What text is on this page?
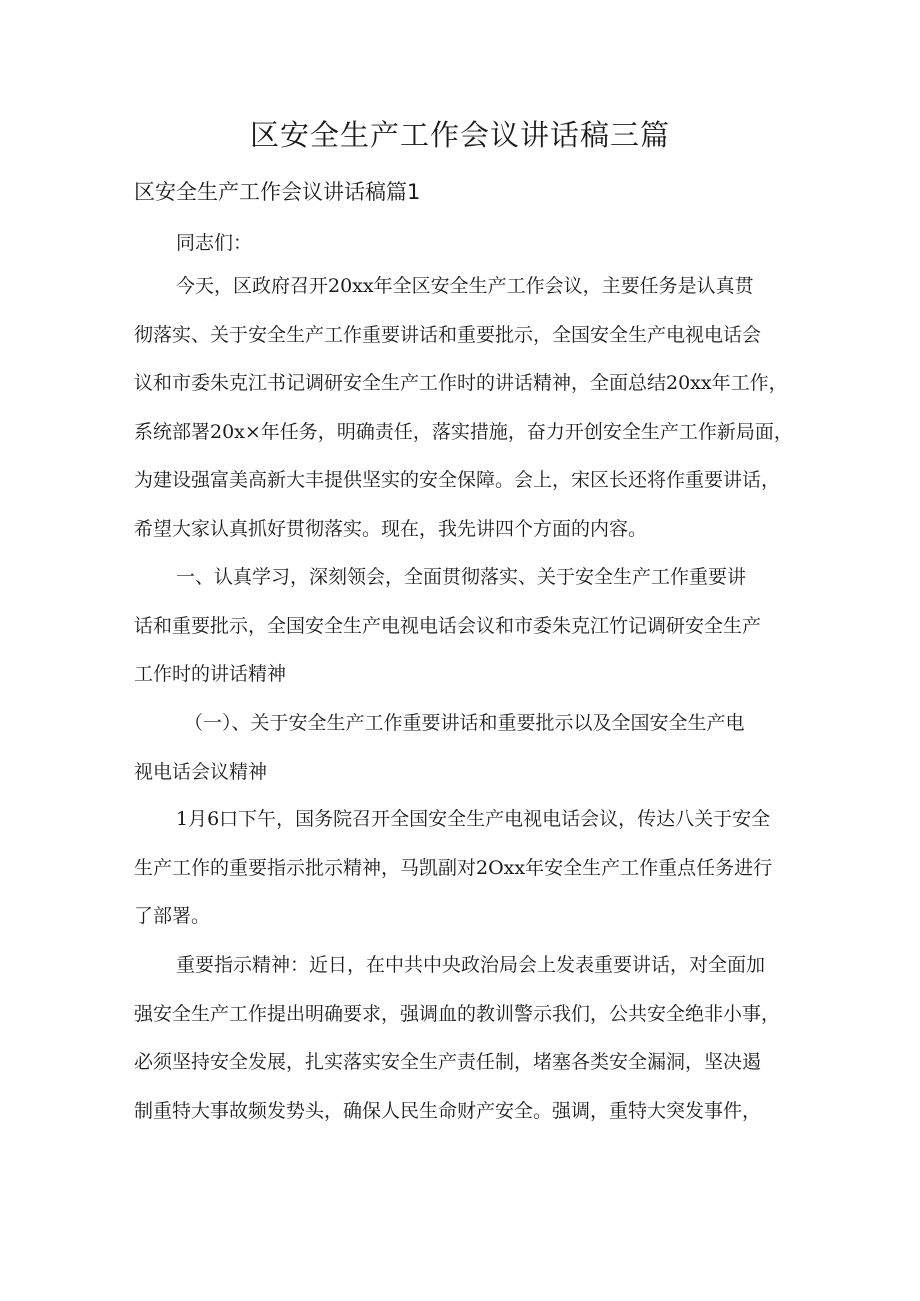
区安全生产工作会议讲话稿三篇
区安全生产工作会议讲话稿篇1

同志们：

今天，区政府召开20xx年全区安全生产工作会议，主要任务是认真贯
彻落实、关于安全生产工作重要讲话和重要批示，全国安全生产电视电话会
议和市委朱克江书记调研安全生产工作时的讲话精神，全面总结20xx年工作，
系统部署20x×年任务，明确责任，落实措施，奋力开创安全生产工作新局面，
为建设强富美高新大丰提供坚实的安全保障。会上，宋区长还将作重要讲话，
希望大家认真抓好贯彻落实。现在，我先讲四个方面的内容。

一、认真学习，深刻领会，全面贯彻落实、关于安全生产工作重要讲
话和重要批示，全国安全生产电视电话会议和市委朱克江竹记调研安全生产
工作时的讲话精神

（一）、关于安全生产工作重要讲话和重要批示以及全国安全生产电
视电话会议精神

1月6口下午，国务院召开全国安全生产电视电话会议，传达八关于安全
生产工作的重要指示批示精神，马凯副对2Oxx年安全生产工作重点任务进行
了部署。

重要指示精神：近日，在中共中央政治局会上发表重要讲话，对全面加
强安全生产工作提出明确要求，强调血的教训警示我们，公共安全绝非小事，
必须坚持安全发展，扎实落实安全生产责任制，堵塞各类安全漏洞，坚决遏
制重特大事故频发势头，确保人民生命财产安全。强调，重特大突发事件，
